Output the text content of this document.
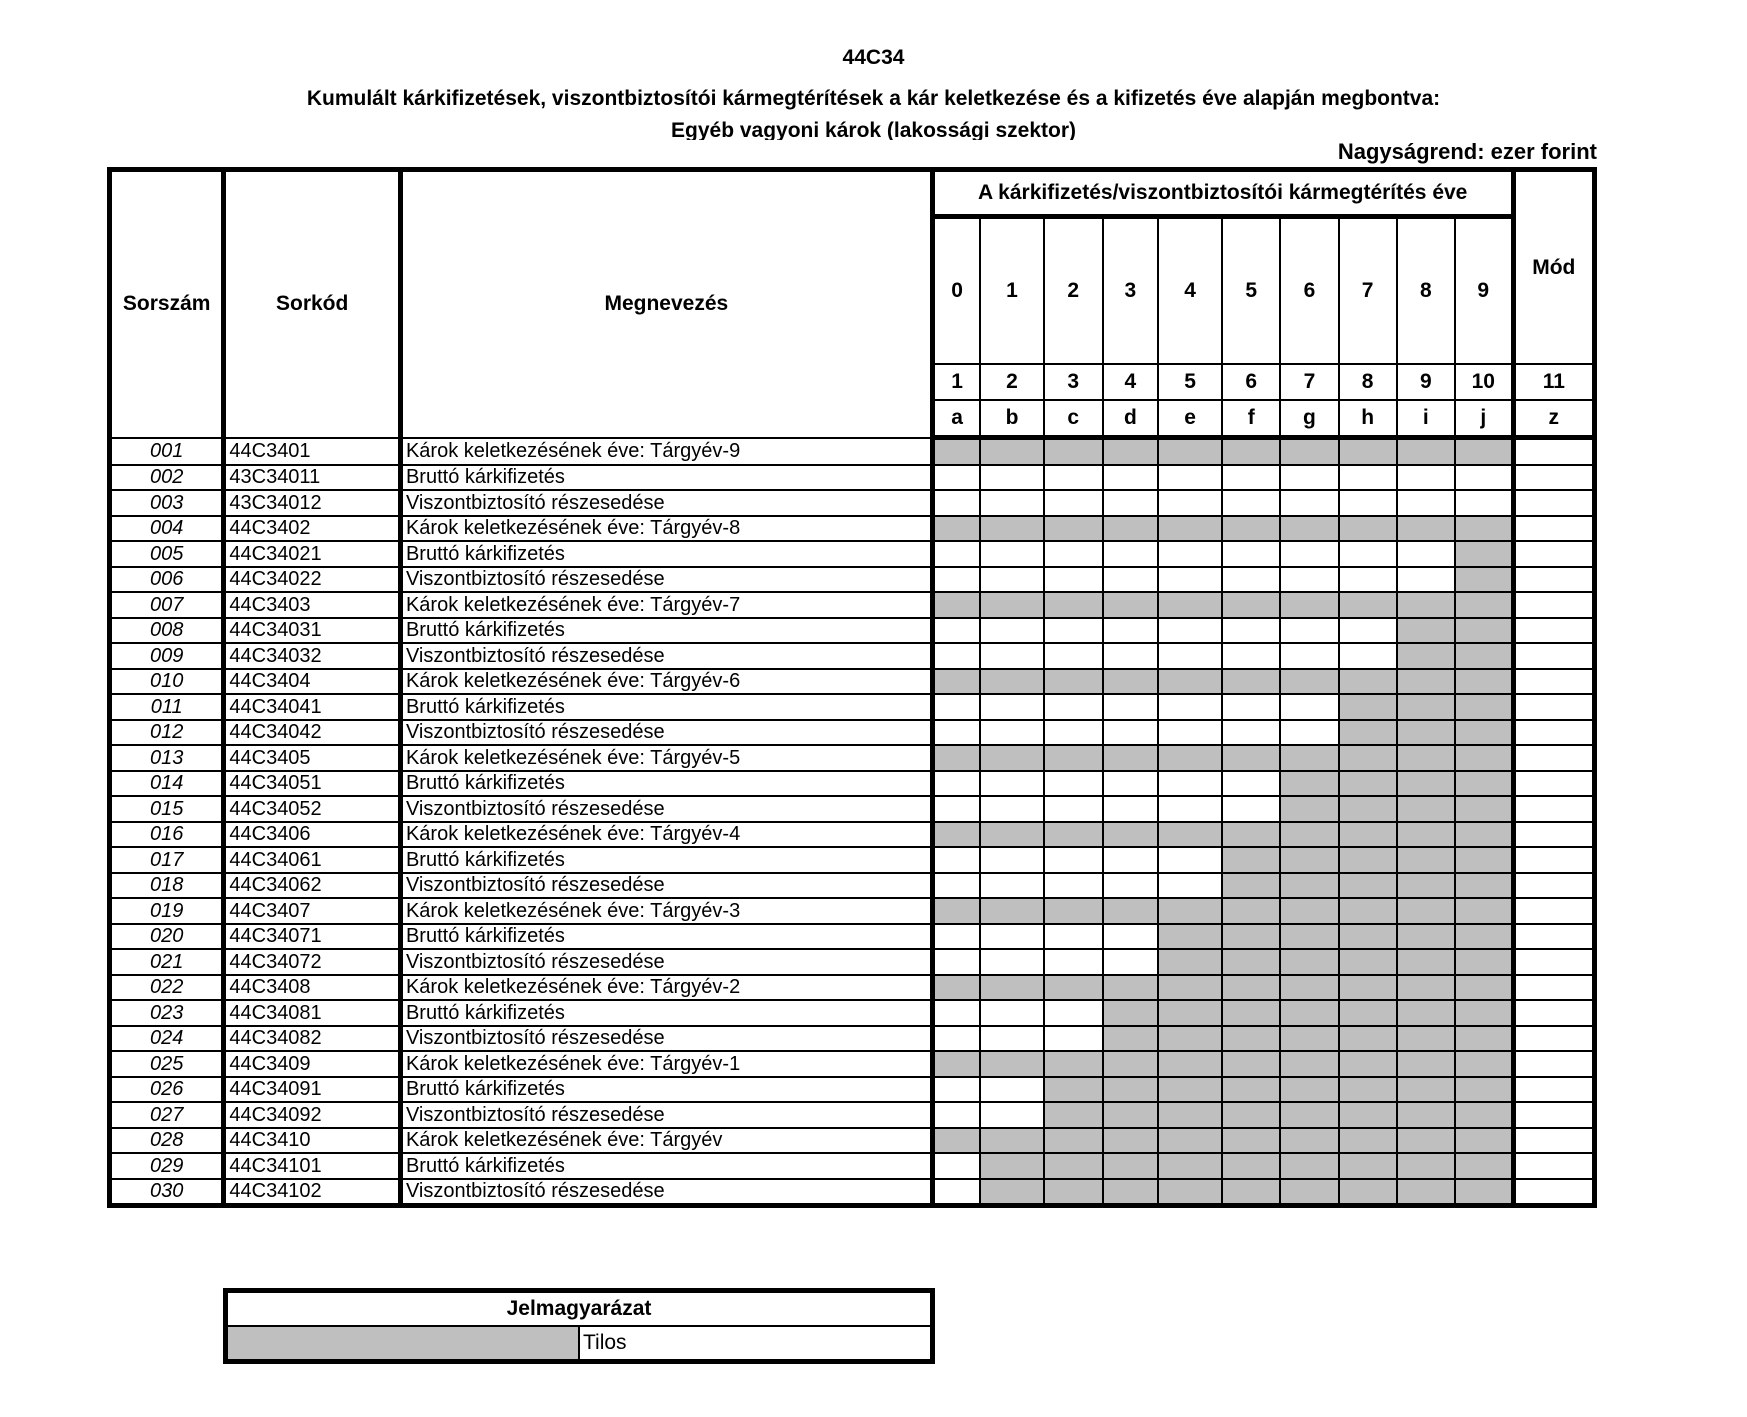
44C34
Kumulált kárkifizetések, viszontbiztosítói kármegtérítések a kár keletkezése és a kifizetés éve alapján megbontva:
Egyéb vagyoni károk (lakossági szektor)
Nagyságrend: ezer forint
Sorszám	Sorkód	Megnevezés	A kárkifizetés/viszontbiztosítói kármegtérítés éve										Mód
			0	1	2	3	4	5	6	7	8	9	
			1	2	3	4	5	6	7	8	9	10	11
			a	b	c	d	e	f	g	h	i	j	z
001	44C3401	Károk keletkezésének éve: Tárgyév-9											
002	43C34011	Bruttó kárkifizetés											
003	43C34012	Viszontbiztosító részesedése											
004	44C3402	Károk keletkezésének éve: Tárgyév-8											
005	44C34021	Bruttó kárkifizetés											
006	44C34022	Viszontbiztosító részesedése											
007	44C3403	Károk keletkezésének éve: Tárgyév-7											
008	44C34031	Bruttó kárkifizetés											
009	44C34032	Viszontbiztosító részesedése											
010	44C3404	Károk keletkezésének éve: Tárgyév-6											
011	44C34041	Bruttó kárkifizetés											
012	44C34042	Viszontbiztosító részesedése											
013	44C3405	Károk keletkezésének éve: Tárgyév-5											
014	44C34051	Bruttó kárkifizetés											
015	44C34052	Viszontbiztosító részesedése											
016	44C3406	Károk keletkezésének éve: Tárgyév-4											
017	44C34061	Bruttó kárkifizetés											
018	44C34062	Viszontbiztosító részesedése											
019	44C3407	Károk keletkezésének éve: Tárgyév-3											
020	44C34071	Bruttó kárkifizetés											
021	44C34072	Viszontbiztosító részesedése											
022	44C3408	Károk keletkezésének éve: Tárgyév-2											
023	44C34081	Bruttó kárkifizetés											
024	44C34082	Viszontbiztosító részesedése											
025	44C3409	Károk keletkezésének éve: Tárgyév-1											
026	44C34091	Bruttó kárkifizetés											
027	44C34092	Viszontbiztosító részesedése											
028	44C3410	Károk keletkezésének éve: Tárgyév											
029	44C34101	Bruttó kárkifizetés											
030	44C34102	Viszontbiztosító részesedése											
Jelmagyarázat
	Tilos
